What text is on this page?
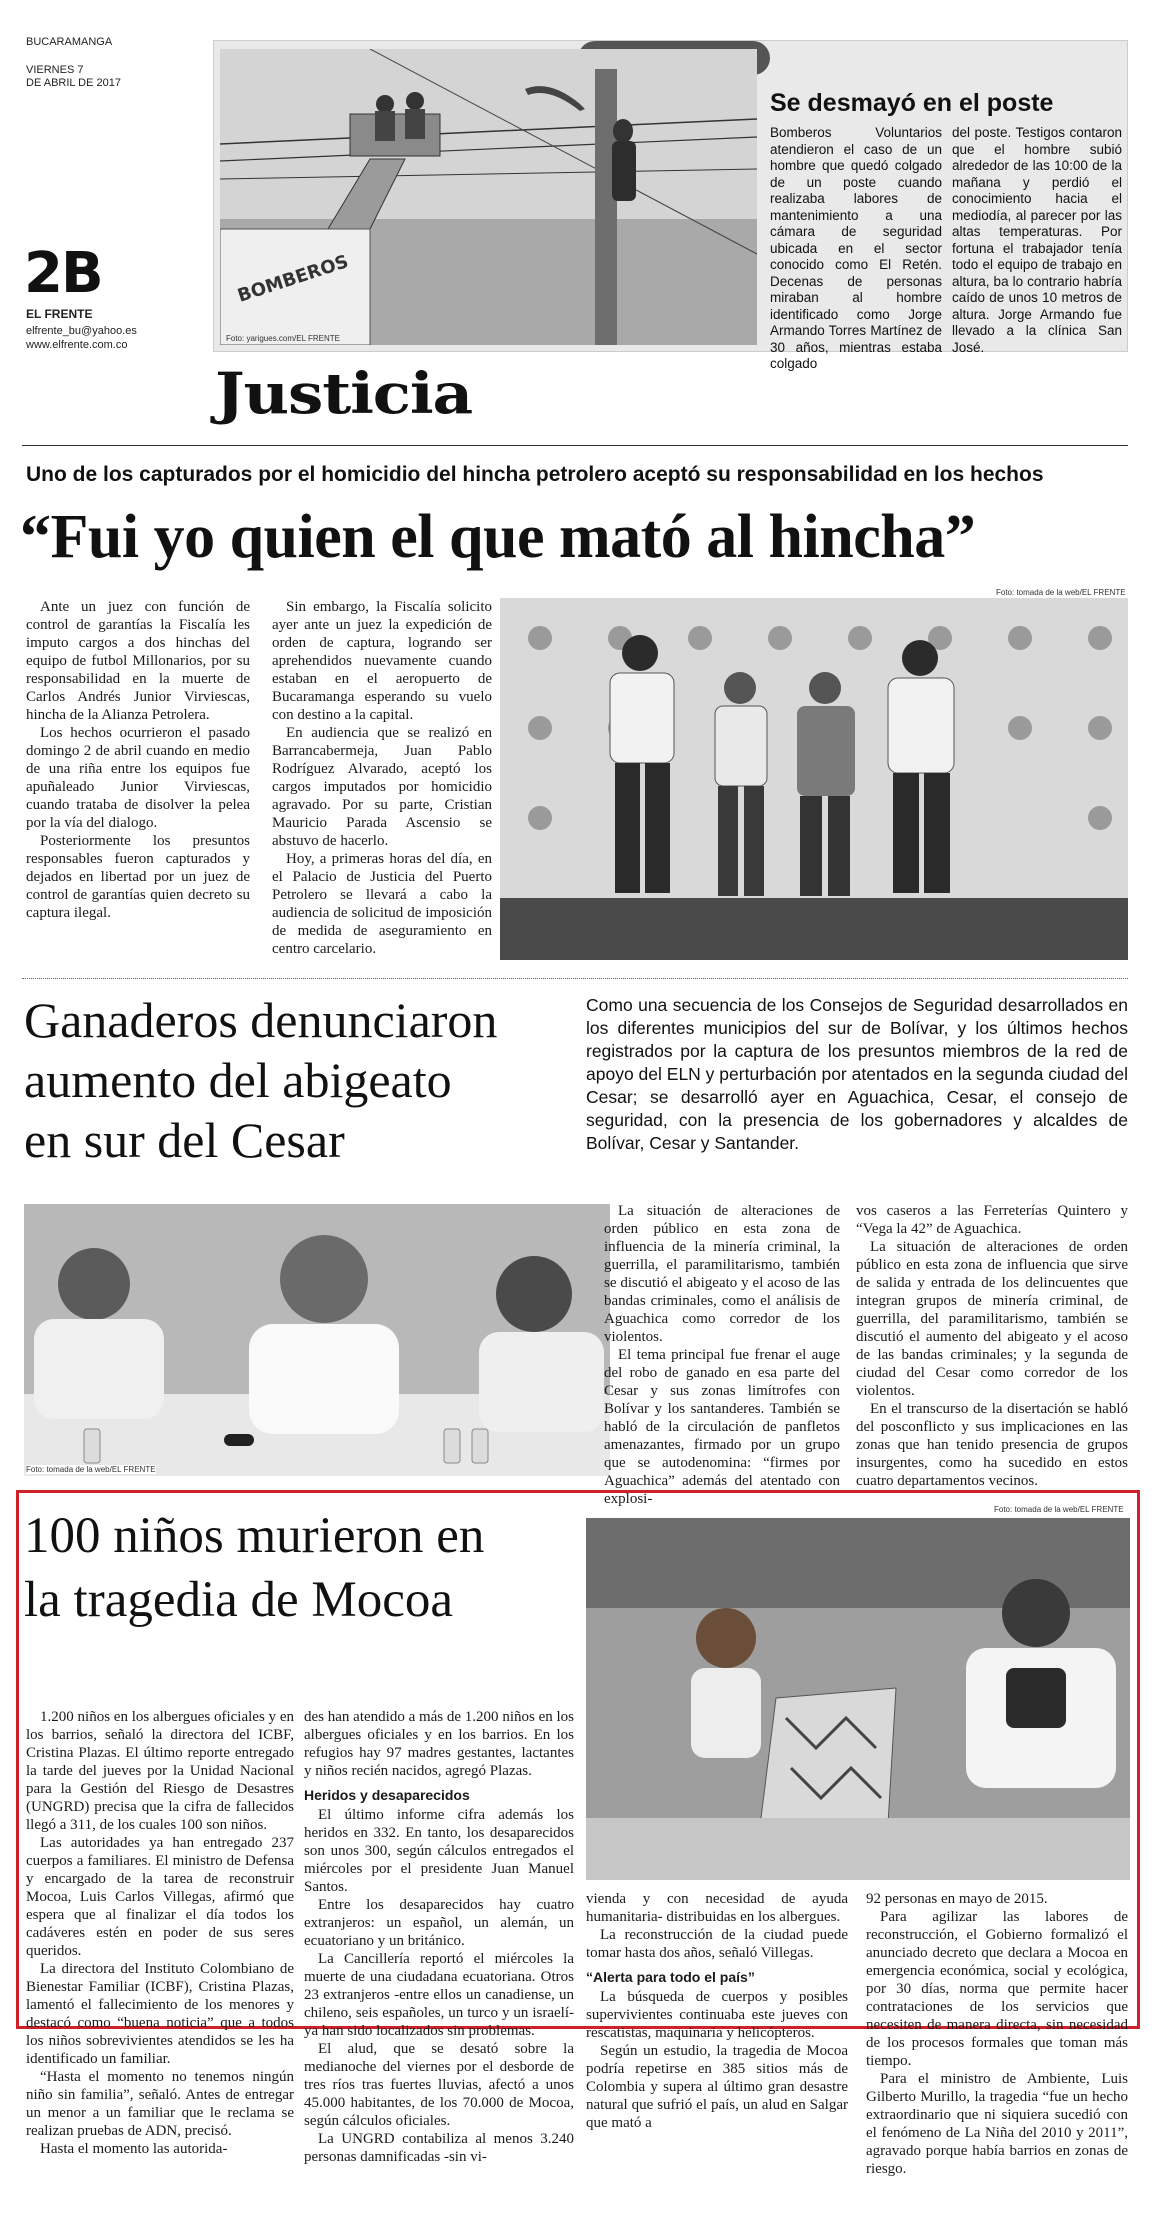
BUCARAMANGA
VIERNES 7
DE ABRIL DE 2017
2B
EL FRENTE
elfrente_bu@yahoo.es
www.elfrente.com.co
BOMBEROS
Foto: yarigues.com/EL FRENTE
Se desmayó en el poste
Bomberos Voluntarios atendieron el caso de un hombre que quedó colgado de un poste cuando realizaba labores de mantenimiento a una cámara de seguridad ubicada en el sector conocido como El Retén. Decenas de personas miraban al hombre identificado como Jorge Armando Torres Martínez de 30 años, mientras estaba colgado
del poste. Testigos contaron que el hombre subió alrededor de las 10:00 de la mañana y perdió el conocimiento hacia el mediodía, al parecer por las altas temperaturas. Por fortuna el trabajador tenía todo el equipo de trabajo en altura, ba lo contrario habría caído de unos 10 metros de altura. Jorge Armando fue llevado a la clínica San José.
Justicia
Uno de los capturados por el homicidio del hincha petrolero aceptó su responsabilidad en los hechos
“Fui yo quien el que mató al hincha”

Ante un juez con función de control de garantías la Fiscalía les imputo cargos a dos hinchas del equipo de futbol Millonarios, por su responsabilidad en la muerte de Carlos Andrés Junior Virviescas, hincha de la Alianza Petrolera.

Los hechos ocurrieron el pasado domingo 2 de abril cuando en medio de una riña entre los equipos fue apuñaleado Junior Virviescas, cuando trataba de disolver la pelea por la vía del dialogo.

Posteriormente los presuntos responsables fueron capturados y dejados en libertad por un juez de control de garantías quien decreto su captura ilegal.

Sin embargo, la Fiscalía solicito ayer ante un juez la expedición de orden de captura, logrando ser aprehendidos nuevamente cuando estaban en el aeropuerto de Bucaramanga esperando su vuelo con destino a la capital.

En audiencia que se realizó en Barrancabermeja, Juan Pablo Rodríguez Alvarado, aceptó los cargos imputados por homicidio agravado. Por su parte, Cristian Mauricio Parada Ascensio se abstuvo de hacerlo.

Hoy, a primeras horas del día, en el Palacio de Justicia del Puerto Petrolero se llevará a cabo la audiencia de solicitud de imposición de medida de aseguramiento en centro carcelario.

Foto: tomada de la web/EL FRENTE
Ganaderos denunciaron
aumento del abigeato
en sur del Cesar
Como una secuencia de los Consejos de Seguridad desarrollados en los diferentes municipios del sur de Bolívar, y los últimos hechos registrados por la captura de los presuntos miembros de la red de apoyo del ELN y perturbación por atentados en la segunda ciudad del Cesar; se desarrolló ayer en Aguachica, Cesar, el consejo de seguridad, con la presencia de los gobernadores y alcaldes de Bolívar, Cesar y Santander.
Foto: tomada de la web/EL FRENTE

La situación de alteraciones de orden público en esta zona de influencia de la minería criminal, la guerrilla, el paramilitarismo, también se discutió el abigeato y el acoso de las bandas criminales, como el análisis de Aguachica como corredor de los violentos.

El tema principal fue frenar el auge del robo de ganado en esa parte del Cesar y sus zonas limítrofes con Bolívar y los santanderes. También se habló de la circulación de panfletos amenazantes, firmado por un grupo que se autodenomina: “firmes por Aguachica” además del atentado con explosi-

vos caseros a las Ferreterías Quintero y “Vega la 42” de Aguachica.

La situación de alteraciones de orden público en esta zona de influencia que sirve de salida y entrada de los delincuentes que integran grupos de minería criminal, de guerrilla, del paramilitarismo, también se discutió el aumento del abigeato y el acoso de las bandas criminales; y la segunda de ciudad del Cesar como corredor de los violentos.

En el transcurso de la disertación se habló del posconflicto y sus implicaciones en las zonas que han tenido presencia de grupos insurgentes, como ha sucedido en estos cuatro departamentos vecinos.

100 niños murieron en
la tragedia de Mocoa
Foto: tomada de la web/EL FRENTE

1.200 niños en los albergues oficiales y en los barrios, señaló la directora del ICBF, Cristina Plazas. El último reporte entregado la tarde del jueves por la Unidad Nacional para la Gestión del Riesgo de Desastres (UNGRD) precisa que la cifra de fallecidos llegó a 311, de los cuales 100 son niños.

Las autoridades ya han entregado 237 cuerpos a familiares. El ministro de Defensa y encargado de la tarea de reconstruir Mocoa, Luis Carlos Villegas, afirmó que espera que al finalizar el día todos los cadáveres estén en poder de sus seres queridos.

La directora del Instituto Colombiano de Bienestar Familiar (ICBF), Cristina Plazas, lamentó el fallecimiento de los menores y destacó como “buena noticia” que a todos los niños sobrevivientes atendidos se les ha identificado un familiar.

“Hasta el momento no tenemos ningún niño sin familia”, señaló. Antes de entregar un menor a un familiar que le reclama se realizan pruebas de ADN, precisó.

Hasta el momento las autorida-

des han atendido a más de 1.200 niños en los albergues oficiales y en los barrios. En los refugios hay 97 madres gestantes, lactantes y niños recién nacidos, agregó Plazas.

Heridos y desaparecidos

El último informe cifra además los heridos en 332. En tanto, los desaparecidos son unos 300, según cálculos entregados el miércoles por el presidente Juan Manuel Santos.

Entre los desaparecidos hay cuatro extranjeros: un español, un alemán, un ecuatoriano y un británico.

La Cancillería reportó el miércoles la muerte de una ciudadana ecuatoriana. Otros 23 extranjeros -entre ellos un canadiense, un chileno, seis españoles, un turco y un israelí- ya han sido localizados sin problemas.

El alud, que se desató sobre la medianoche del viernes por el desborde de tres ríos tras fuertes lluvias, afectó a unos 45.000 habitantes, de los 70.000 de Mocoa, según cálculos oficiales.

La UNGRD contabiliza al menos 3.240 personas damnificadas -sin vi-

vienda y con necesidad de ayuda humanitaria- distribuidas en los albergues.

La reconstrucción de la ciudad puede tomar hasta dos años, señaló Villegas.

“Alerta para todo el país”

La búsqueda de cuerpos y posibles supervivientes continuaba este jueves con rescatistas, maquinaria y helicópteros.

Según un estudio, la tragedia de Mocoa podría repetirse en 385 sitios más de Colombia y supera al último gran desastre natural que sufrió el país, un alud en Salgar que mató a

92 personas en mayo de 2015.

Para agilizar las labores de reconstrucción, el Gobierno formalizó el anunciado decreto que declara a Mocoa en emergencia económica, social y ecológica, por 30 días, norma que permite hacer contrataciones de los servicios que necesiten de manera directa, sin necesidad de los procesos formales que toman más tiempo.

Para el ministro de Ambiente, Luis Gilberto Murillo, la tragedia “fue un hecho extraordinario que ni siquiera sucedió con el fenómeno de La Niña del 2010 y 2011”, agravado porque había barrios en zonas de riesgo.
